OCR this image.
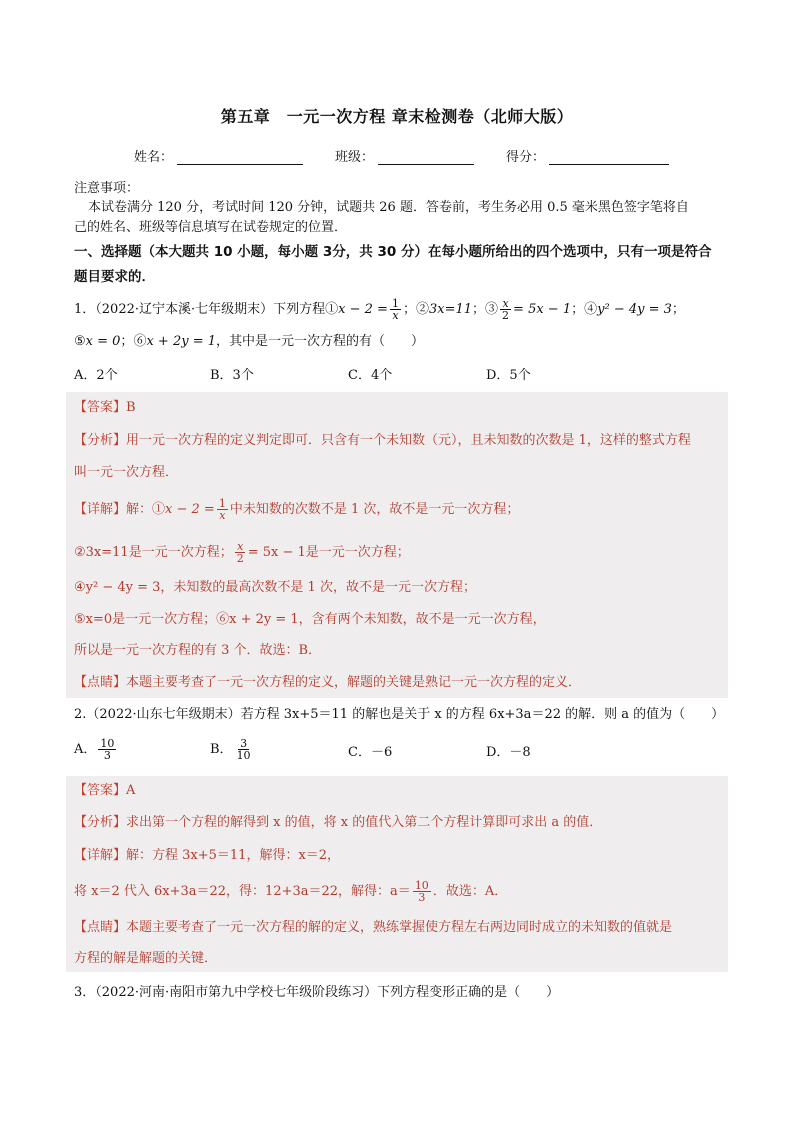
第五章　一元一次方程 章末检测卷（北师大版）
姓名：	班级：	得分：
注意事项：
本试卷满分 120 分，考试时间 120 分钟，试题共 26 题．答卷前，考生务必用 0.5 毫米黑色签字笔将自
己的姓名、班级等信息填写在试卷规定的位置．
一、选择题（本大题共 10 小题，每小题 3分，共 30 分）在每小题所给出的四个选项中，只有一项是符合
题目要求的．
1．（2022·辽宁本溪·七年级期末）下列方程①x − $2 = \frac{1}{x}$ ；②3x=11；③ $\frac{x}{2} = 5x - 1$；④y² − 4y = 3；
⑤x = 0；⑥x + 2y = 1，其中是一元一次方程的有（　　）
A．2个	B．3个	C．4个	D．5个
【答案】B
【分析】用一元一次方程的定义判定即可．只含有一个未知数（元），且未知数的次数是 1，这样的整式方程
叫一元一次方程．
【详解】解：①x − $2 = \frac{1}{x}$ 中未知数的次数不是 1 次，故不是一元一次方程；
②3x=11是一元一次方程； $\frac{x}{2} = 5x - 1$是一元一次方程；
④y² − 4y = 3，未知数的最高次数不是 1 次，故不是一元一次方程；
⑤x=0是一元一次方程；⑥x + 2y = 1，含有两个未知数，故不是一元一次方程，
所以是一元一次方程的有 3 个．故选：B．
【点睛】本题主要考查了一元一次方程的定义，解题的关键是熟记一元一次方程的定义．
2.（2022·山东七年级期末）若方程 3x+5＝11 的解也是关于 x 的方程 6x+3a＝22 的解．则 a 的值为（　　）
A． $\frac{10}{3}$	B． $\frac{3}{10}$	C．－6	D．－8
【答案】A
【分析】求出第一个方程的解得到 x 的值，将 x 的值代入第二个方程计算即可求出 a 的值．
【详解】解：方程 3x+5＝11，解得：x＝2，
将 x＝2 代入 6x+3a＝22，得：12+3a＝22，解得：$a= \frac{10}{3}$ ．故选：A．
【点睛】本题主要考查了一元一次方程的解的定义，熟练掌握使方程左右两边同时成立的未知数的值就是
方程的解是解题的关键．
3．（2022·河南·南阳市第九中学校七年级阶段练习）下列方程变形正确的是（　　）
